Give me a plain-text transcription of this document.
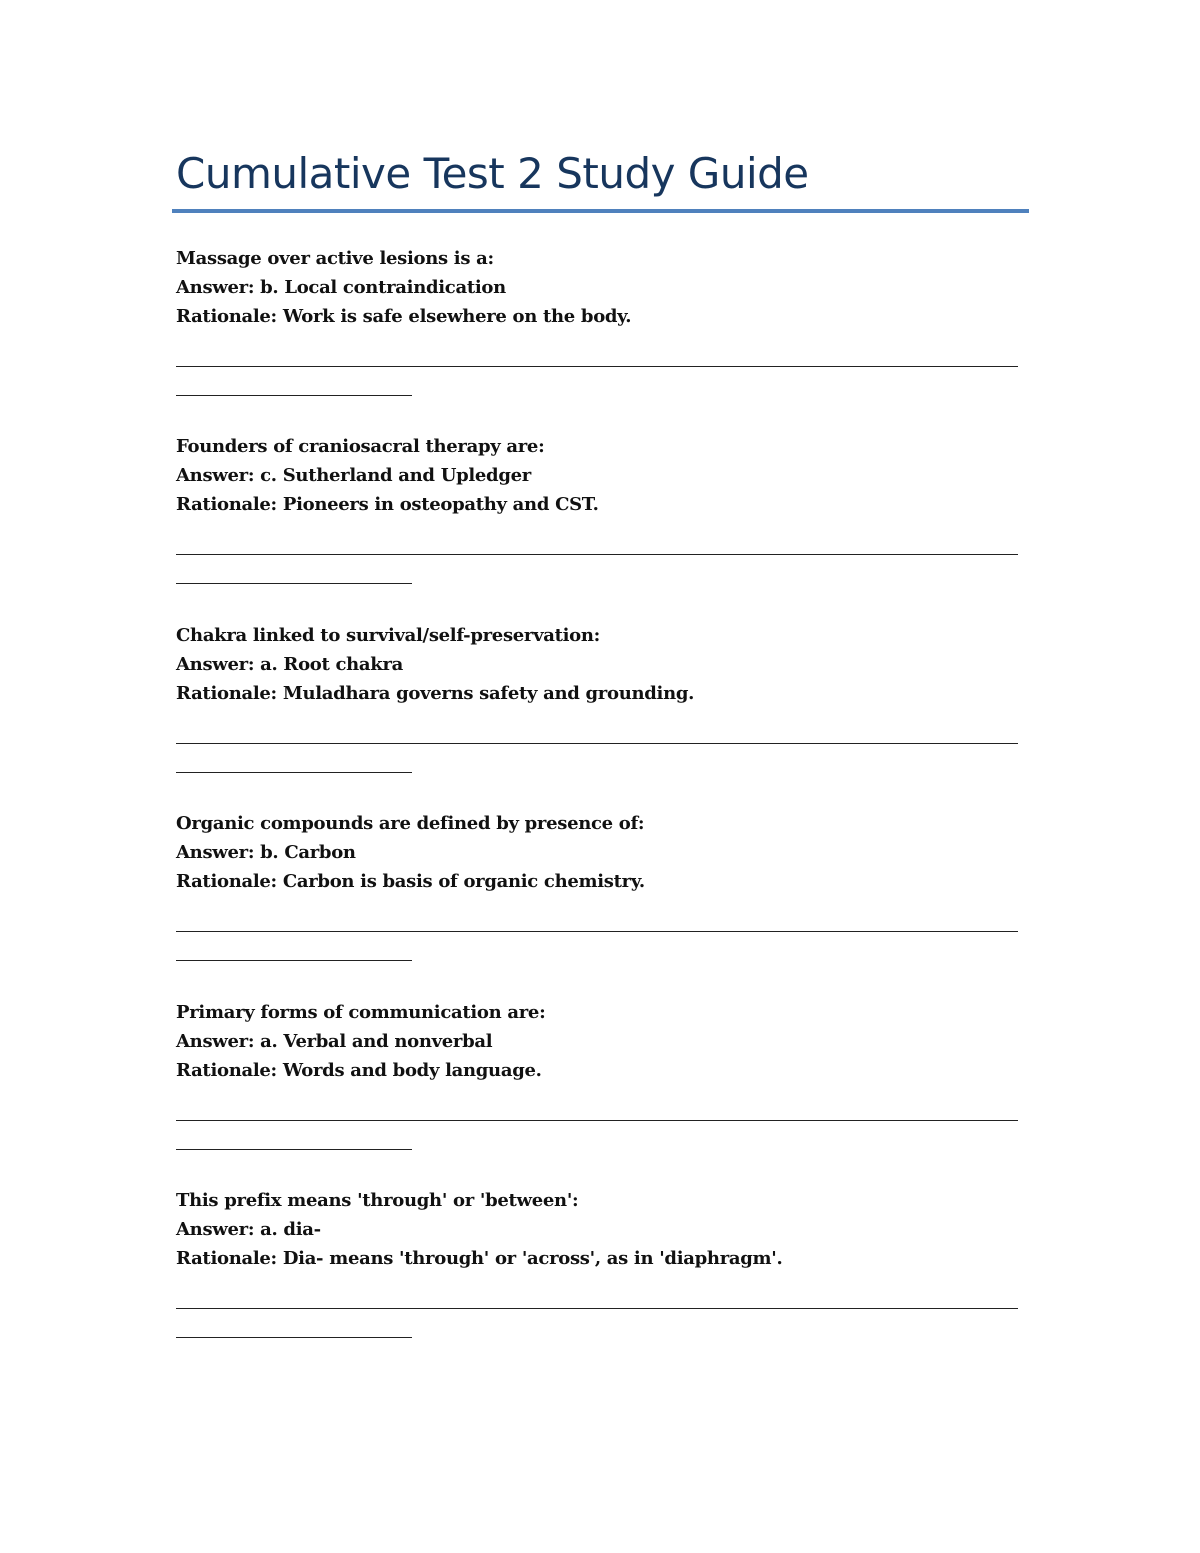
Cumulative Test 2 Study Guide

Massage over active lesions is a:

Answer: b. Local contraindication

Rationale: Work is safe elsewhere on the body.

Founders of craniosacral therapy are:

Answer: c. Sutherland and Upledger

Rationale: Pioneers in osteopathy and CST.

Chakra linked to survival/self-preservation:

Answer: a. Root chakra

Rationale: Muladhara governs safety and grounding.

Organic compounds are defined by presence of:

Answer: b. Carbon

Rationale: Carbon is basis of organic chemistry.

Primary forms of communication are:

Answer: a. Verbal and nonverbal

Rationale: Words and body language.

This prefix means 'through' or 'between':

Answer: a. dia-

Rationale: Dia- means 'through' or 'across', as in 'diaphragm'.
